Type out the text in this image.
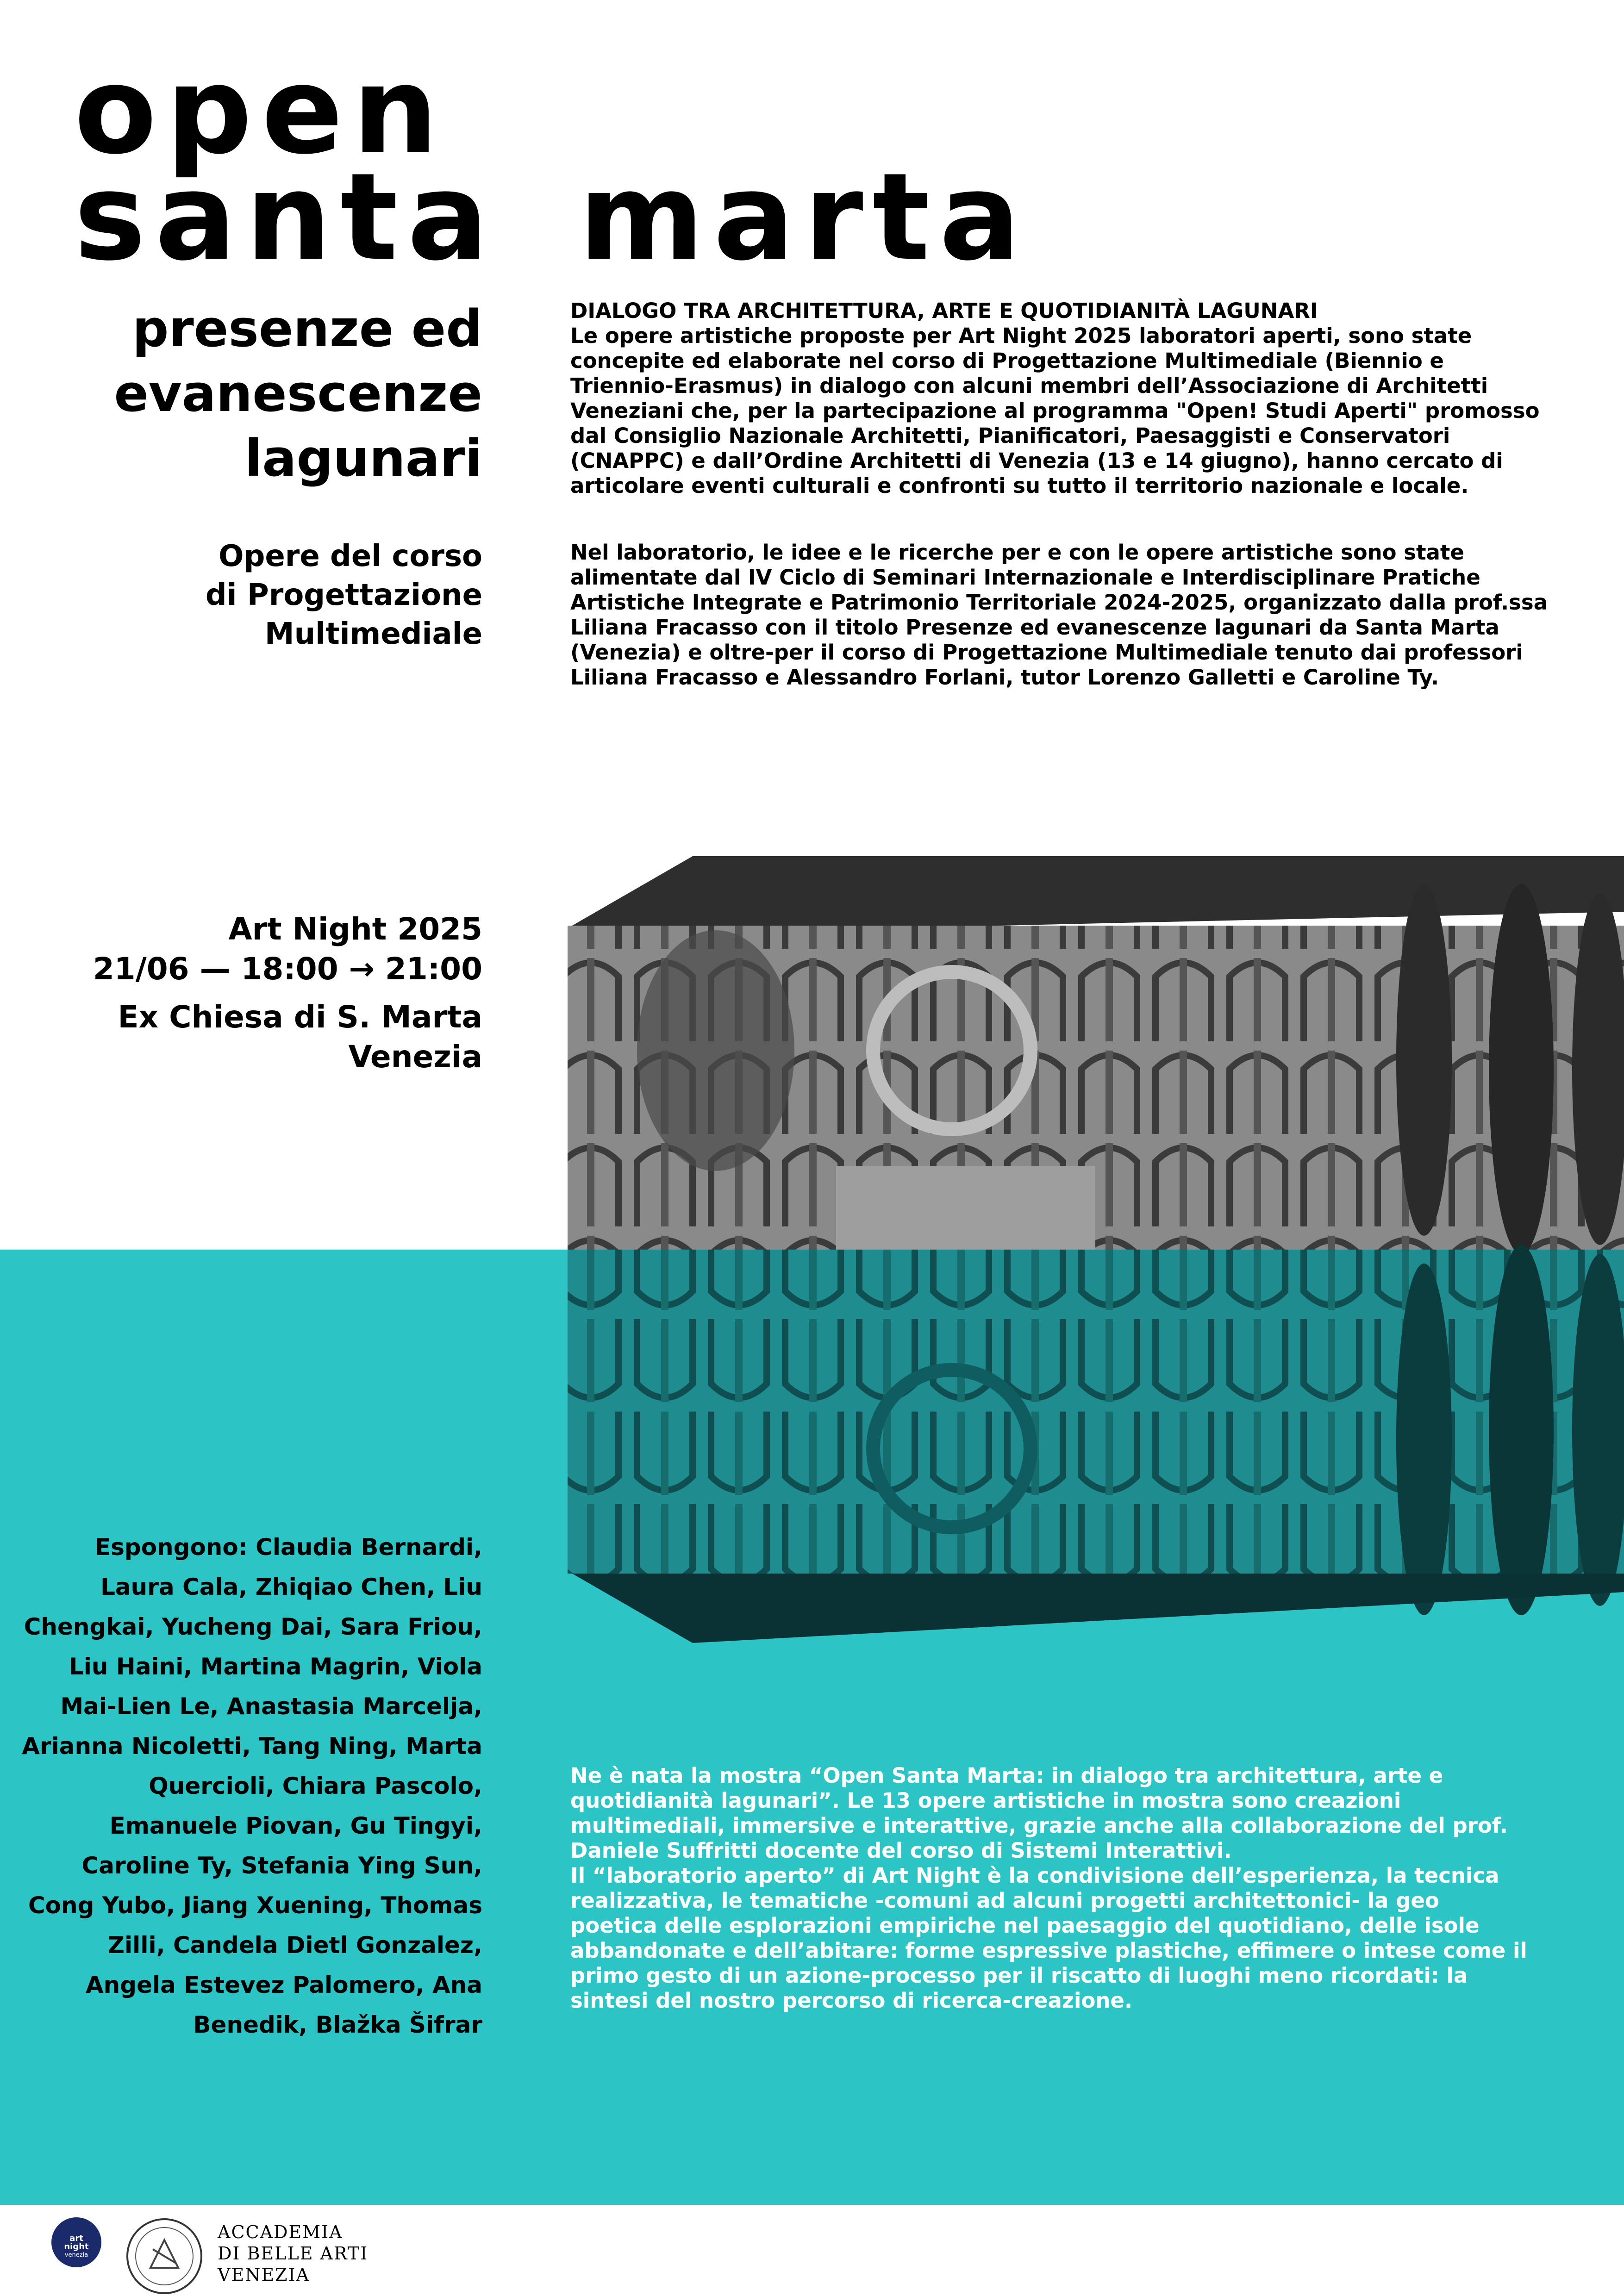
open
santa marta
presenze ed
evanescenze
lagunari
Opere del corso
di Progettazione
Multimediale

DIALOGO TRA ARCHITETTURA, ARTE E QUOTIDIANITÀ LAGUNARI
Le opere artistiche proposte per Art Night 2025 laboratori aperti, sono state concepite ed elaborate nel corso di Progettazione Multimediale (Biennio e Triennio-Erasmus) in dialogo con alcuni membri dell’Associazione di Architetti Veneziani che, per la partecipazione al programma "Open! Studi Aperti" promosso dal Consiglio Nazionale Architetti, Pianificatori, Paesaggisti e Conservatori (CNAPPC) e dall’Ordine Architetti di Venezia (13 e 14 giugno), hanno cercato di articolare eventi culturali e confronti su tutto il territorio nazionale e locale.

Nel laboratorio, le idee e le ricerche per e con le opere artistiche sono state alimentate dal IV Ciclo di Seminari Internazionale e Interdisciplinare Pratiche Artistiche Integrate e Patrimonio Territoriale 2024-2025, organizzato dalla prof.ssa Liliana Fracasso con il titolo Presenze ed evanescenze lagunari da Santa Marta (Venezia) e oltre-per il corso di Progettazione Multimediale tenuto dai professori Liliana Fracasso e Alessandro Forlani, tutor Lorenzo Galletti e Caroline Ty.

Art Night 2025
21/06 — 18:00 → 21:00
Ex Chiesa di S. Marta
Venezia
Espongono: Claudia Bernardi, Laura Cala, Zhiqiao Chen, Liu Chengkai, Yucheng Dai, Sara Friou, Liu Haini, Martina Magrin, Viola Mai-Lien Le, Anastasia Marcelja, Arianna Nicoletti, Tang Ning, Marta Quercioli, Chiara Pascolo, Emanuele Piovan, Gu Tingyi, Caroline Ty, Stefania Ying Sun, Cong Yubo, Jiang Xuening, Thomas Zilli, Candela Dietl Gonzalez, Angela Estevez Palomero, Ana Benedik, Blažka Šifrar
Ne è nata la mostra “Open Santa Marta: in dialogo tra architettura, arte e quotidianità lagunari”. Le 13 opere artistiche in mostra sono creazioni multimediali, immersive e interattive, grazie anche alla collaborazione del prof. Daniele Suffritti docente del corso di Sistemi Interattivi.
Il “laboratorio aperto” di Art Night è la condivisione dell’esperienza, la tecnica realizzativa, le tematiche -comuni ad alcuni progetti architettonici- la geo poetica delle esplorazioni empiriche nel paesaggio del quotidiano, delle isole abbandonate e dell’abitare: forme espressive plastiche, effimere o intese come il primo gesto di un azione-processo per il riscatto di luoghi meno ricordati: la sintesi del nostro percorso di ricerca-creazione.
art
night
venezia
ACCADEMIA
DI BELLE ARTI
VENEZIA
